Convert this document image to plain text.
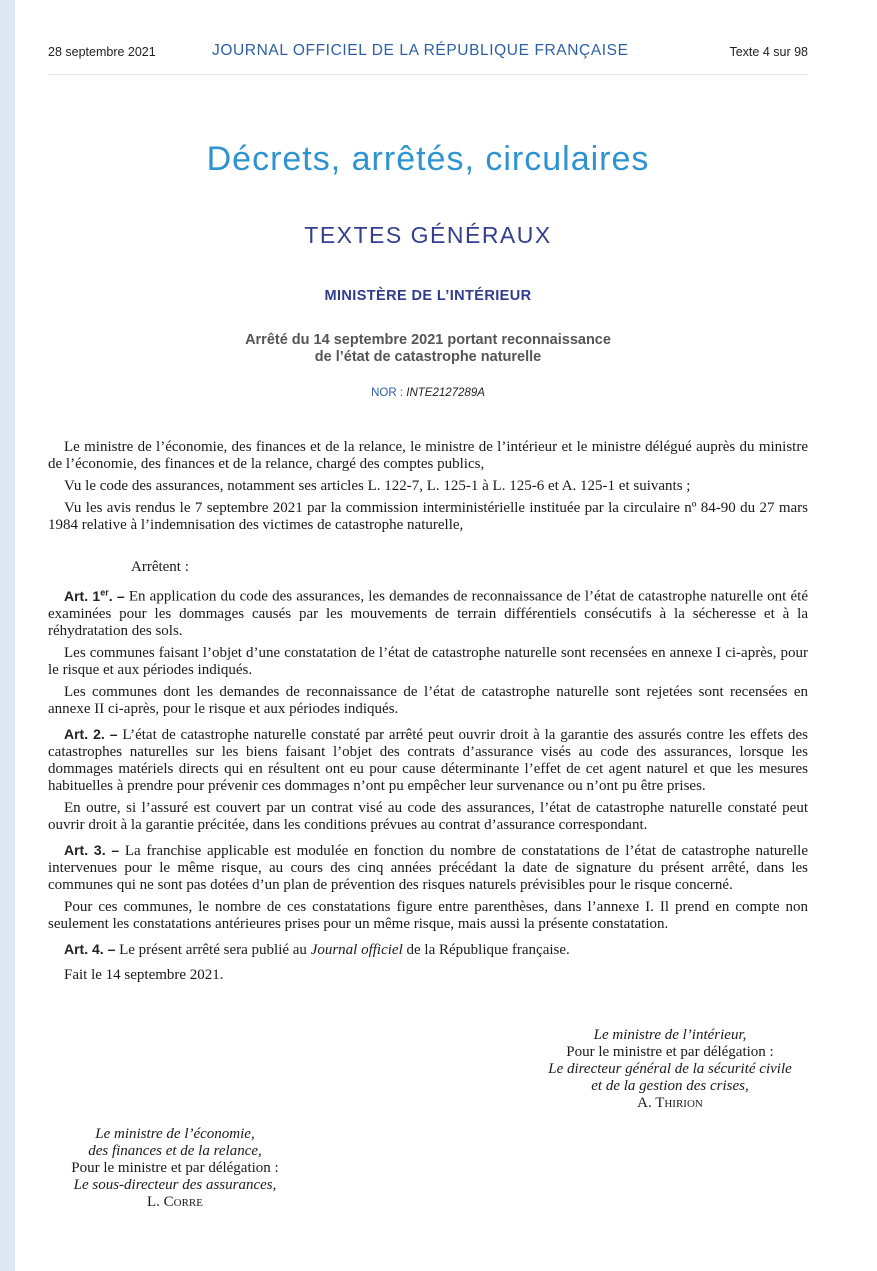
28 septembre 2021	JOURNAL OFFICIEL DE LA RÉPUBLIQUE FRANÇAISE	Texte 4 sur 98
Décrets, arrêtés, circulaires
TEXTES GÉNÉRAUX
MINISTÈRE DE L’INTÉRIEUR
Arrêté du 14 septembre 2021 portant reconnaissance
de l’état de catastrophe naturelle
NOR : INTE2127289A

Le ministre de l’économie, des finances et de la relance, le ministre de l’intérieur et le ministre délégué auprès du ministre de l’économie, des finances et de la relance, chargé des comptes publics,

Vu le code des assurances, notamment ses articles L. 122-7, L. 125-1 à L. 125-6 et A. 125-1 et suivants ;

Vu les avis rendus le 7 septembre 2021 par la commission interministérielle instituée par la circulaire nº 84-90 du 27 mars 1984 relative à l’indemnisation des victimes de catastrophe naturelle,

Arrêtent :

Art. 1er. – En application du code des assurances, les demandes de reconnaissance de l’état de catastrophe naturelle ont été examinées pour les dommages causés par les mouvements de terrain différentiels consécutifs à la sécheresse et à la réhydratation des sols.

Les communes faisant l’objet d’une constatation de l’état de catastrophe naturelle sont recensées en annexe I ci-après, pour le risque et aux périodes indiqués.

Les communes dont les demandes de reconnaissance de l’état de catastrophe naturelle sont rejetées sont recensées en annexe II ci-après, pour le risque et aux périodes indiqués.

Art. 2. – L’état de catastrophe naturelle constaté par arrêté peut ouvrir droit à la garantie des assurés contre les effets des catastrophes naturelles sur les biens faisant l’objet des contrats d’assurance visés au code des assurances, lorsque les dommages matériels directs qui en résultent ont eu pour cause déterminante l’effet de cet agent naturel et que les mesures habituelles à prendre pour prévenir ces dommages n’ont pu empêcher leur survenance ou n’ont pu être prises.

En outre, si l’assuré est couvert par un contrat visé au code des assurances, l’état de catastrophe naturelle constaté peut ouvrir droit à la garantie précitée, dans les conditions prévues au contrat d’assurance correspondant.

Art. 3. – La franchise applicable est modulée en fonction du nombre de constatations de l’état de catastrophe naturelle intervenues pour le même risque, au cours des cinq années précédant la date de signature du présent arrêté, dans les communes qui ne sont pas dotées d’un plan de prévention des risques naturels prévisibles pour le risque concerné.

Pour ces communes, le nombre de ces constatations figure entre parenthèses, dans l’annexe I. Il prend en compte non seulement les constatations antérieures prises pour un même risque, mais aussi la présente constatation.

Art. 4. – Le présent arrêté sera publié au Journal officiel de la République française.

Fait le 14 septembre 2021.

Le ministre de l’intérieur,
Pour le ministre et par délégation :
Le directeur général de la sécurité civile
et de la gestion des crises,
A. Thirion
Le ministre de l’économie,
des finances et de la relance,
Pour le ministre et par délégation :
Le sous-directeur des assurances,
L. Corre
